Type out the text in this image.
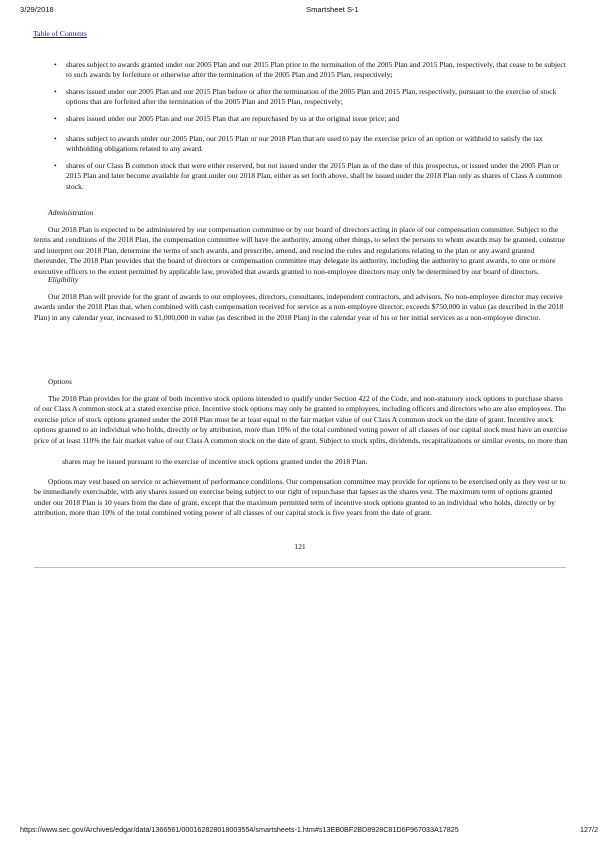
3/29/2018	Smartsheet S-1
Table of Contents
• shares subject to awards granted under our 2005 Plan and our 2015 Plan prior to the termination of the 2005 Plan and 2015 Plan, respectively, that cease to be subject to such awards by forfeiture or otherwise after the termination of the 2005 Plan and 2015 Plan, respectively;
• shares issued under our 2005 Plan and our 2015 Plan before or after the termination of the 2005 Plan and 2015 Plan, respectively, pursuant to the exercise of stock options that are forfeited after the termination of the 2005 Plan and 2015 Plan, respectively;
• shares issued under our 2005 Plan and our 2015 Plan that are repurchased by us at the original issue price; and
• shares subject to awards under our 2005 Plan, our 2015 Plan or our 2018 Plan that are used to pay the exercise price of an option or withheld to satisfy the tax withholding obligations related to any award.
• shares of our Class B common stock that were either reserved, but not issued under the 2015 Plan as of the date of this prospectus, or issued under the 2005 Plan or 2015 Plan and later become available for grant under our 2018 Plan, either as set forth above, shall be issued under the 2018 Plan only as shares of Class A common stock.
Administration

Our 2018 Plan is expected to be administered by our compensation committee or by our board of directors acting in place of our compensation committee. Subject to the terms and conditions of the 2018 Plan, the compensation committee will have the authority, among other things, to select the persons to whom awards may be granted, construe and interpret our 2018 Plan, determine the terms of such awards, and prescribe, amend, and rescind the rules and regulations relating to the plan or any award granted thereunder. The 2018 Plan provides that the board of directors or compensation committee may delegate its authority, including the authority to grant awards, to one or more executive officers to the extent permitted by applicable law, provided that awards granted to non-employee directors may only be determined by our board of directors.

Eligibility

Our 2018 Plan will provide for the grant of awards to our employees, directors, consultants, independent contractors, and advisors. No non-employee director may receive awards under the 2018 Plan that, when combined with cash compensation received for service as a non-employee director, exceeds $750,000 in value (as described in the 2018 Plan) in any calendar year, increased to $1,000,000 in value (as described in the 2018 Plan) in the calendar year of his or her initial services as a non-employee director.

Options

The 2018 Plan provides for the grant of both incentive stock options intended to qualify under Section 422 of the Code, and non-statutory stock options to purchase shares of our Class A common stock at a stated exercise price. Incentive stock options may only be granted to employees, including officers and directors who are also employees. The exercise price of stock options granted under the 2018 Plan must be at least equal to the fair market value of our Class A common stock on the date of grant. Incentive stock options granted to an individual who holds, directly or by attribution, more than 10% of the total combined voting power of all classes of our capital stock must have an exercise price of at least 110% the fair market value of our Class A common stock on the date of grant. Subject to stock splits, dividends, recapitalizations or similar events, no more than

shares may be issued pursuant to the exercise of incentive stock options granted under the 2018 Plan.

Options may vest based on service or achievement of performance conditions. Our compensation committee may provide for options to be exercised only as they vest or to be immediately exercisable, with any shares issued on exercise being subject to our right of repurchase that lapses as the shares vest. The maximum term of options granted under our 2018 Plan is 10 years from the date of grant, except that the maximum permitted term of incentive stock options granted to an individual who holds, directly or by attribution, more than 10% of the total combined voting power of all classes of our capital stock is five years from the date of grant.

121
https://www.sec.gov/Archives/edgar/data/1366561/000162828018003554/smartsheets-1.htm#s13EB0BF2BD8928C81D6F967033A17825	127/2
